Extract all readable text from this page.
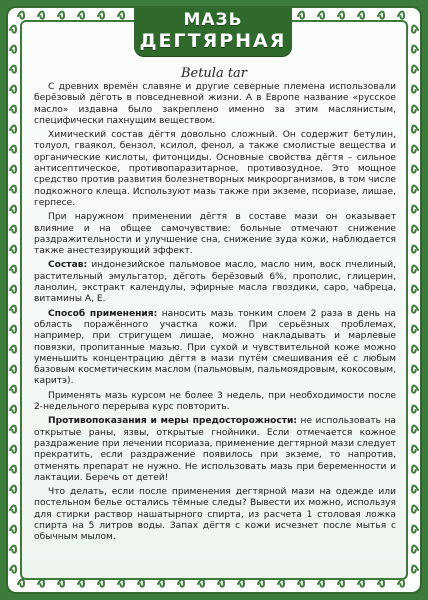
МАЗЬ
ДЕГТЯРНАЯ
Betula tar

С древних времён славяне и другие северные племена использовали берёзовый дёготь в повседневной жизни. А в Европе название «русское масло» издавна было закреплено именно за этим маслянистым, специфически пахнущим веществом.

Химический состав дёгтя довольно сложный. Он содержит бетулин, толуол, гваякол, бензол, ксилол, фенол, а также смолистые вещества и органические кислоты, фитонциды. Основные свойства дёгтя – сильное антисептическое, противопаразитарное, противозудное. Это мощное средство против развития болезнетворных микроорганизмов, в том числе подкожного клеща. Используют мазь также при экземе, псориазе, лишае, герпесе.

При наружном применении дёгтя в составе мази он оказывает влияние и на общее самочувствие: больные отмечают снижение раздражительности и улучшение сна, снижение зуда кожи, наблюдается также анестезирующий эффект.

Состав: индонезийское пальмовое масло, масло ним, воск пчелиный, растительный эмульгатор, дёготь берёзовый 6%, прополис, глицерин, ланолин, экстракт календулы, эфирные масла гвоздики, саро, чабреца, витамины А, Е.

Способ применения: наносить мазь тонким слоем 2 раза в день на область поражённого участка кожи. При серьёзных проблемах, например, при стригущем лишае, можно накладывать и марлевые повязки, пропитанные мазью. При сухой и чувствительной коже можно уменьшить концентрацию дёгтя в мази путём смешивания её с любым базовым косметическим маслом (пальмовым, пальмоядровым, кокосовым, каритэ).

Применять мазь курсом не более 3 недель, при необходимости после 2-недельного перерыва курс повторить.

Противопоказания и меры предосторожности: не использовать на открытые раны, язвы, открытые гнойники. Если отмечается кожное раздражение при лечении псориаза, применение дегтярной мази следует прекратить, если раздражение появилось при экземе, то напротив, отменять препарат не нужно. Не использовать мазь при беременности и лактации. Беречь от детей!

Что делать, если после применения дегтярной мази на одежде или постельном белье остались тёмные следы? Вывести их можно, используя для стирки раствор нашатырного спирта, из расчета 1 столовая ложка спирта на 5 литров воды. Запах дёгтя с кожи исчезнет после мытья с обычным мылом.
